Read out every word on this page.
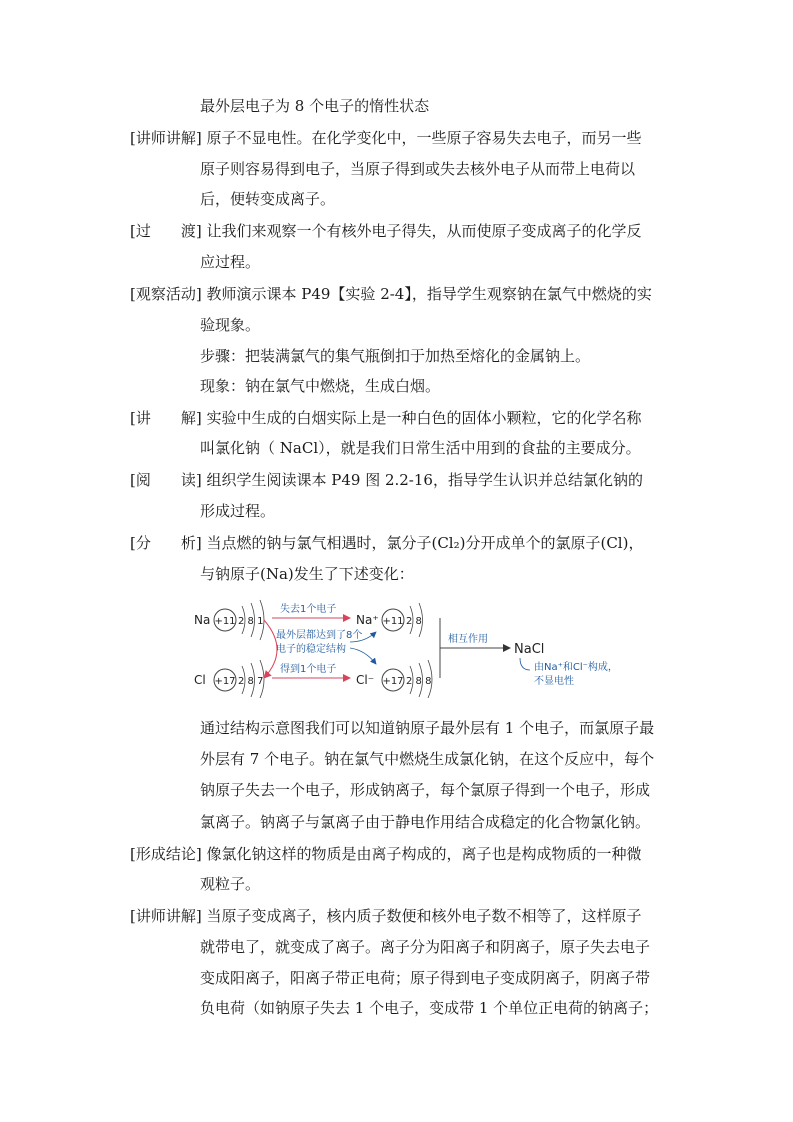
最外层电子为 8 个电子的惰性状态
[讲师讲解] 原子不显电性。在化学变化中，一些原子容易失去电子，而另一些
原子则容易得到电子，当原子得到或失去核外电子从而带上电荷以
后，便转变成离子。
[过  渡] 让我们来观察一个有核外电子得失，从而使原子变成离子的化学反
应过程。
[观察活动] 教师演示课本 P49【实验 2-4】，指导学生观察钠在氯气中燃烧的实
验现象。
步骤：把装满氯气的集气瓶倒扣于加热至熔化的金属钠上。
现象：钠在氯气中燃烧，生成白烟。
[讲  解] 实验中生成的白烟实际上是一种白色的固体小颗粒，它的化学名称
叫氯化钠（ NaCl），就是我们日常生活中用到的食盐的主要成分。
[阅  读] 组织学生阅读课本 P49 图 2.2-16，指导学生认识并总结氯化钠的
形成过程。
[分  析] 当点燃的钠与氯气相遇时，氯分子(Cl₂)分开成单个的氯原子(Cl)，
与钠原子(Na)发生了下述变化：
Na +11 2 8 1
Cl +17 2 8 7
失去1个电子
得到1个电子
最外层都达到了8个
电子的稳定结构
Na⁺ +11 2 8
Cl⁻ +17 2 8 8
相互作用
NaCl
由Na⁺和Cl⁻构成，
不显电性
通过结构示意图我们可以知道钠原子最外层有 1 个电子，而氯原子最
外层有 7 个电子。钠在氯气中燃烧生成氯化钠，在这个反应中，每个
钠原子失去一个电子，形成钠离子，每个氯原子得到一个电子，形成
氯离子。钠离子与氯离子由于静电作用结合成稳定的化合物氯化钠。
[形成结论] 像氯化钠这样的物质是由离子构成的，离子也是构成物质的一种微
观粒子。
[讲师讲解] 当原子变成离子，核内质子数便和核外电子数不相等了，这样原子
就带电了，就变成了离子。离子分为阳离子和阴离子，原子失去电子
变成阳离子，阳离子带正电荷；原子得到电子变成阴离子，阴离子带
负电荷（如钠原子失去 1 个电子，变成带 1 个单位正电荷的钠离子；
